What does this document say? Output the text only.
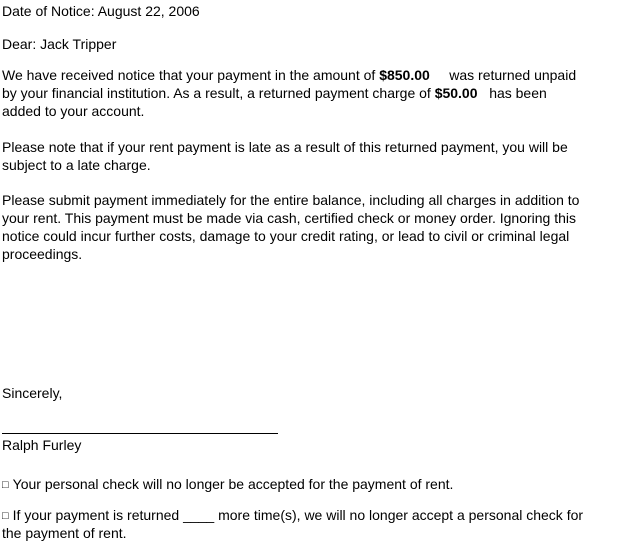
Date of Notice: August 22, 2006
Dear: Jack Tripper
We have received notice that your payment in the amount of $850.00 was returned unpaid
by your financial institution. As a result, a returned payment charge of $50.00 has been
added to your account.
Please note that if your rent payment is late as a result of this returned payment, you will be
subject to a late charge.
Please submit payment immediately for the entire balance, including all charges in addition to
your rent. This payment must be made via cash, certified check or money order. Ignoring this
notice could incur further costs, damage to your credit rating, or lead to civil or criminal legal
proceedings.
Sincerely,
Ralph Furley
□ Your personal check will no longer be accepted for the payment of rent.
□ If your payment is returned ____ more time(s), we will no longer accept a personal check for
the payment of rent.
